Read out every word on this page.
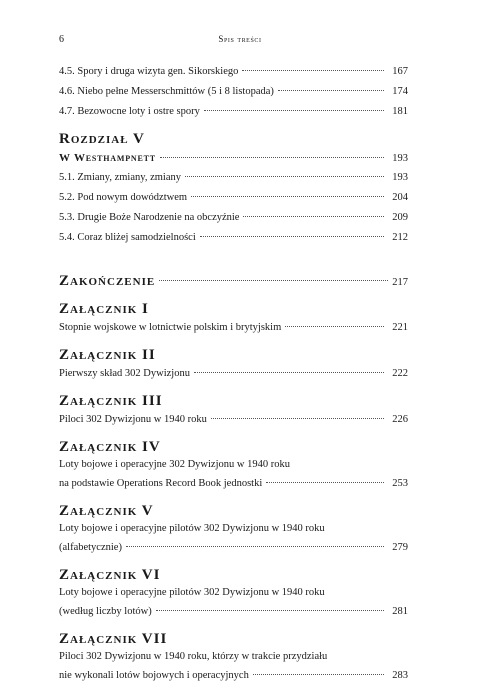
6	Spis treści
4.5. Spory i druga wizyta gen. Sikorskiego	167
4.6. Niebo pełne Messerschmittów (5 i 8 listopada)	174
4.7. Bezowocne loty i ostre spory	181
Rozdział V
W Westhampnett	193
5.1. Zmiany, zmiany, zmiany	193
5.2. Pod nowym dowództwem	204
5.3. Drugie Boże Narodzenie na obczyźnie	209
5.4. Coraz bliżej samodzielności	212
Zakończenie	217
Załącznik I
Stopnie wojskowe w lotnictwie polskim i brytyjskim	221
Załącznik II
Pierwszy skład 302 Dywizjonu	222
Załącznik III
Piloci 302 Dywizjonu w 1940 roku	226
Załącznik IV
Loty bojowe i operacyjne 302 Dywizjonu w 1940 roku
na podstawie Operations Record Book jednostki	253
Załącznik V
Loty bojowe i operacyjne pilotów 302 Dywizjonu w 1940 roku
(alfabetycznie)	279
Załącznik VI
Loty bojowe i operacyjne pilotów 302 Dywizjonu w 1940 roku
(według liczby lotów)	281
Załącznik VII
Piloci 302 Dywizjonu w 1940 roku, którzy w trakcie przydziału
nie wykonali lotów bojowych i operacyjnych	283
